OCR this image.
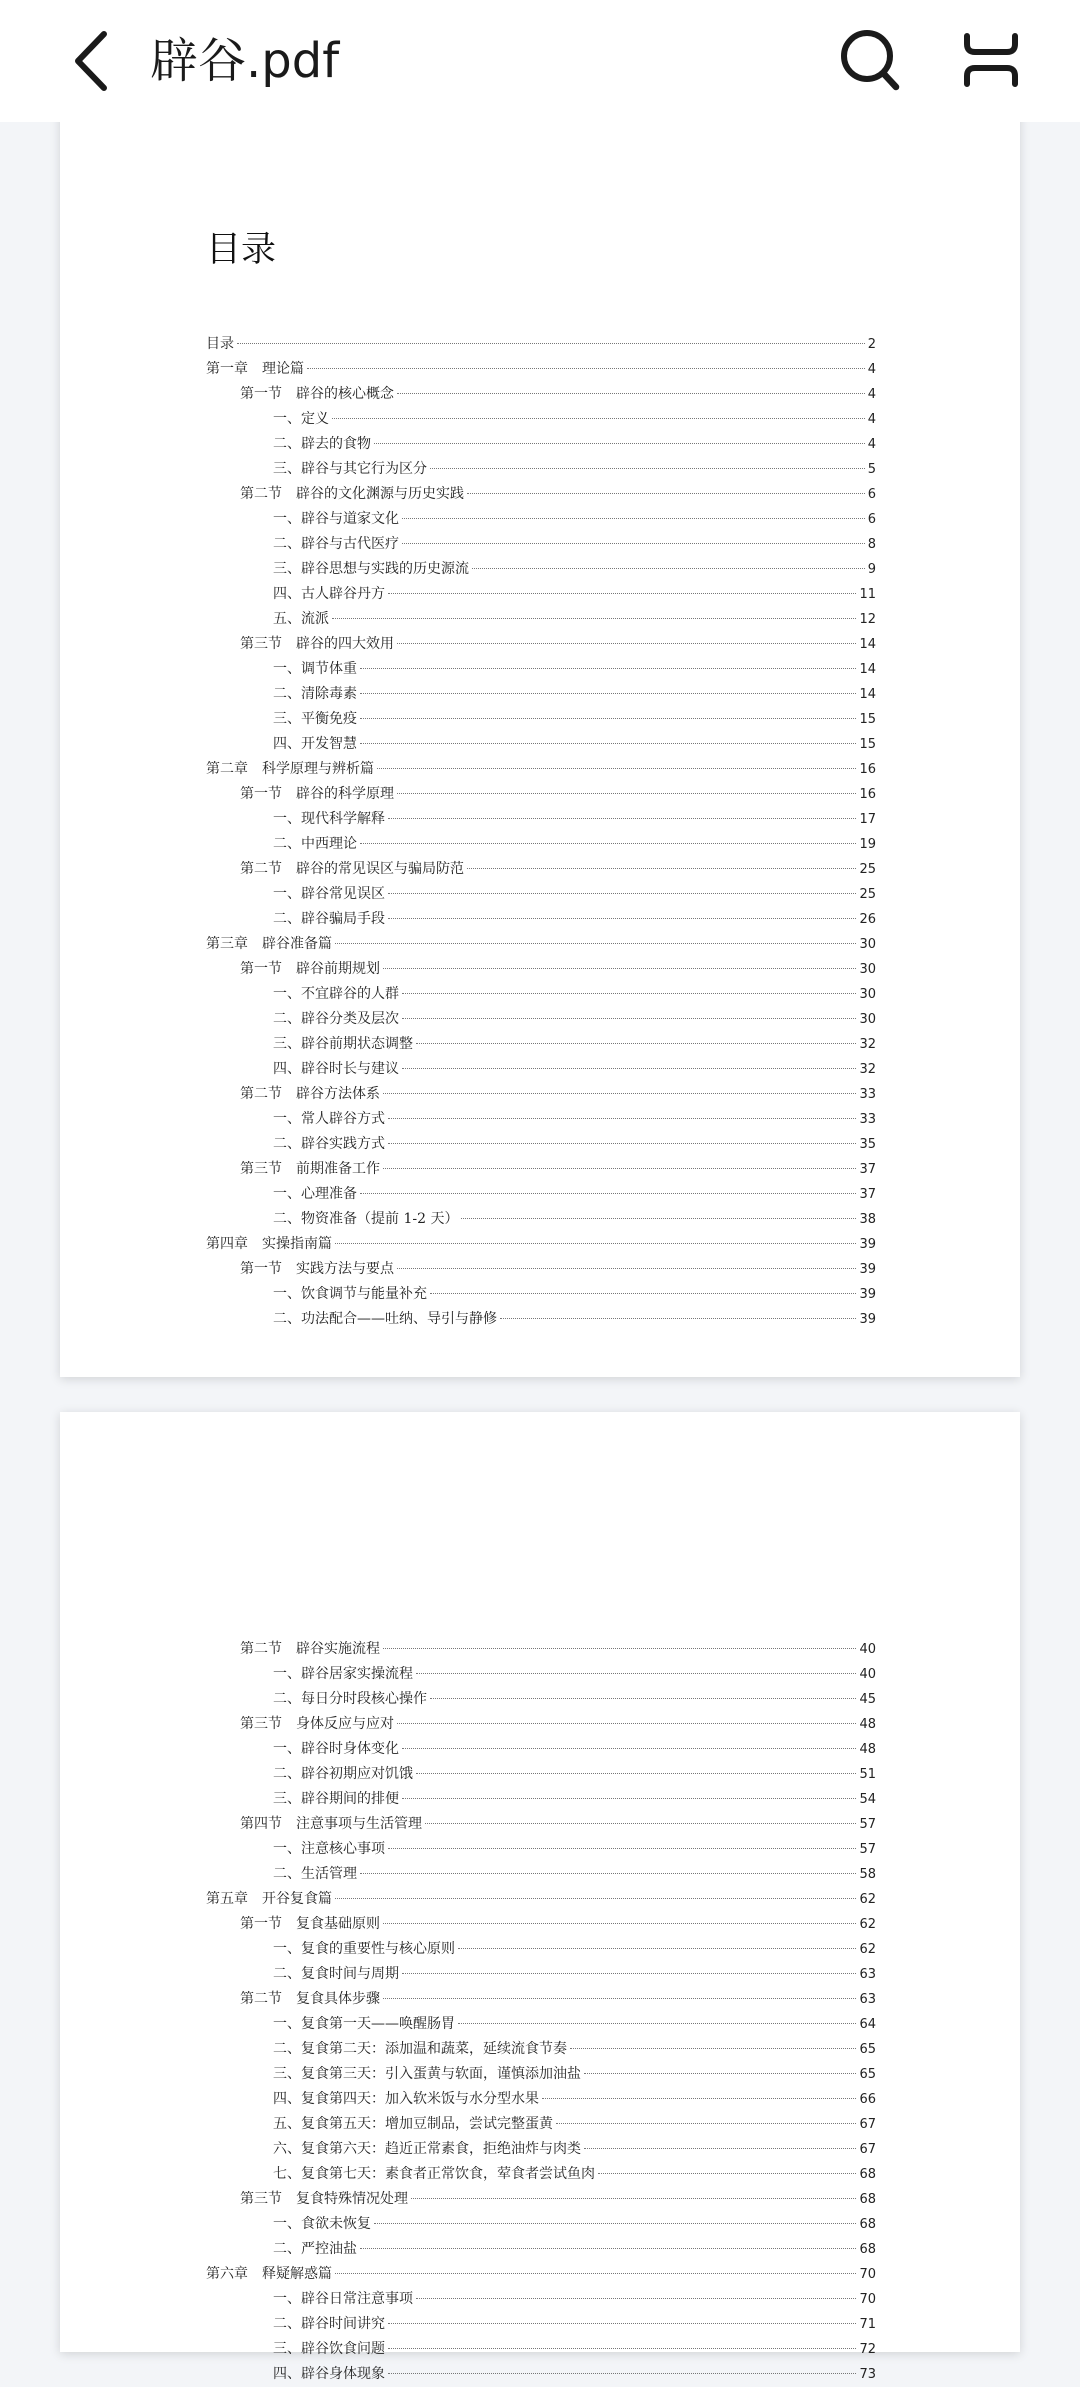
辟谷.pdf
目录
目录	2
第一章　理论篇	4
第一节　辟谷的核心概念	4
一、定义	4
二、辟去的食物	4
三、辟谷与其它行为区分	5
第二节　辟谷的文化渊源与历史实践	6
一、辟谷与道家文化	6
二、辟谷与古代医疗	8
三、辟谷思想与实践的历史源流	9
四、古人辟谷丹方	11
五、流派	12
第三节　辟谷的四大效用	14
一、调节体重	14
二、清除毒素	14
三、平衡免疫	15
四、开发智慧	15
第二章　科学原理与辨析篇	16
第一节　辟谷的科学原理	16
一、现代科学解释	17
二、中西理论	19
第二节　辟谷的常见误区与骗局防范	25
一、辟谷常见误区	25
二、辟谷骗局手段	26
第三章　辟谷准备篇	30
第一节　辟谷前期规划	30
一、不宜辟谷的人群	30
二、辟谷分类及层次	30
三、辟谷前期状态调整	32
四、辟谷时长与建议	32
第二节　辟谷方法体系	33
一、常人辟谷方式	33
二、辟谷实践方式	35
第三节　前期准备工作	37
一、心理准备	37
二、物资准备（提前 1-2 天）	38
第四章　实操指南篇	39
第一节　实践方法与要点	39
一、饮食调节与能量补充	39
二、功法配合——吐纳、导引与静修	39
第二节　辟谷实施流程	40
一、辟谷居家实操流程	40
二、每日分时段核心操作	45
第三节　身体反应与应对	48
一、辟谷时身体变化	48
二、辟谷初期应对饥饿	51
三、辟谷期间的排便	54
第四节　注意事项与生活管理	57
一、注意核心事项	57
二、生活管理	58
第五章　开谷复食篇	62
第一节　复食基础原则	62
一、复食的重要性与核心原则	62
二、复食时间与周期	63
第二节　复食具体步骤	63
一、复食第一天——唤醒肠胃	64
二、复食第二天：添加温和蔬菜，延续流食节奏	65
三、复食第三天：引入蛋黄与软面，谨慎添加油盐	65
四、复食第四天：加入软米饭与水分型水果	66
五、复食第五天：增加豆制品，尝试完整蛋黄	67
六、复食第六天：趋近正常素食，拒绝油炸与肉类	67
七、复食第七天：素食者正常饮食，荤食者尝试鱼肉	68
第三节　复食特殊情况处理	68
一、食欲未恢复	68
二、严控油盐	68
第六章　释疑解惑篇	70
一、辟谷日常注意事项	70
二、辟谷时间讲究	71
三、辟谷饮食问题	72
四、辟谷身体现象	73
